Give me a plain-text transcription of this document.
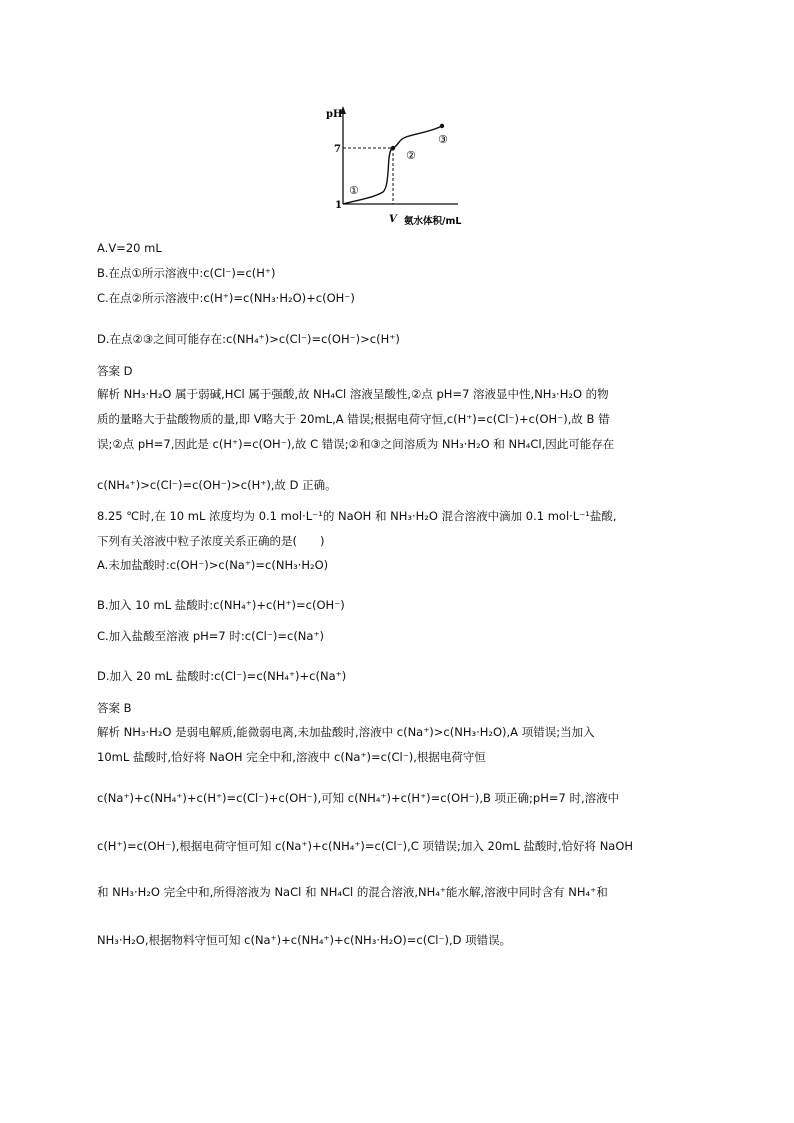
pH
7
1
V 氨水体积/mL
①
②
③
A.V=20 mL
B.在点①所示溶液中:c(Cl⁻)=c(H⁺)
C.在点②所示溶液中:c(H⁺)=c(NH₃·H₂O)+c(OH⁻)
D.在点②③之间可能存在:c(NH₄⁺)>c(Cl⁻)=c(OH⁻)>c(H⁺)
答案 D
解析 NH₃·H₂O 属于弱碱,HCl 属于强酸,故 NH₄Cl 溶液呈酸性,②点 pH=7 溶液显中性,NH₃·H₂O 的物
质的量略大于盐酸物质的量,即 V略大于 20mL,A 错误;根据电荷守恒,c(H⁺)=c(Cl⁻)+c(OH⁻),故 B 错
误;②点 pH=7,因此是 c(H⁺)=c(OH⁻),故 C 错误;②和③之间溶质为 NH₃·H₂O 和 NH₄Cl,因此可能存在
c(NH₄⁺)>c(Cl⁻)=c(OH⁻)>c(H⁺),故 D 正确。
8.25 ℃时,在 10 mL 浓度均为 0.1 mol·L⁻¹的 NaOH 和 NH₃·H₂O 混合溶液中滴加 0.1 mol·L⁻¹盐酸,
下列有关溶液中粒子浓度关系正确的是(　　)
A.未加盐酸时:c(OH⁻)>c(Na⁺)=c(NH₃·H₂O)
B.加入 10 mL 盐酸时:c(NH₄⁺)+c(H⁺)=c(OH⁻)
C.加入盐酸至溶液 pH=7 时:c(Cl⁻)=c(Na⁺)
D.加入 20 mL 盐酸时:c(Cl⁻)=c(NH₄⁺)+c(Na⁺)
答案 B
解析 NH₃·H₂O 是弱电解质,能微弱电离,未加盐酸时,溶液中 c(Na⁺)>c(NH₃·H₂O),A 项错误;当加入
10mL 盐酸时,恰好将 NaOH 完全中和,溶液中 c(Na⁺)=c(Cl⁻),根据电荷守恒
c(Na⁺)+c(NH₄⁺)+c(H⁺)=c(Cl⁻)+c(OH⁻),可知 c(NH₄⁺)+c(H⁺)=c(OH⁻),B 项正确;pH=7 时,溶液中
c(H⁺)=c(OH⁻),根据电荷守恒可知 c(Na⁺)+c(NH₄⁺)=c(Cl⁻),C 项错误;加入 20mL 盐酸时,恰好将 NaOH
和 NH₃·H₂O 完全中和,所得溶液为 NaCl 和 NH₄Cl 的混合溶液,NH₄⁺能水解,溶液中同时含有 NH₄⁺和
NH₃·H₂O,根据物料守恒可知 c(Na⁺)+c(NH₄⁺)+c(NH₃·H₂O)=c(Cl⁻),D 项错误。
